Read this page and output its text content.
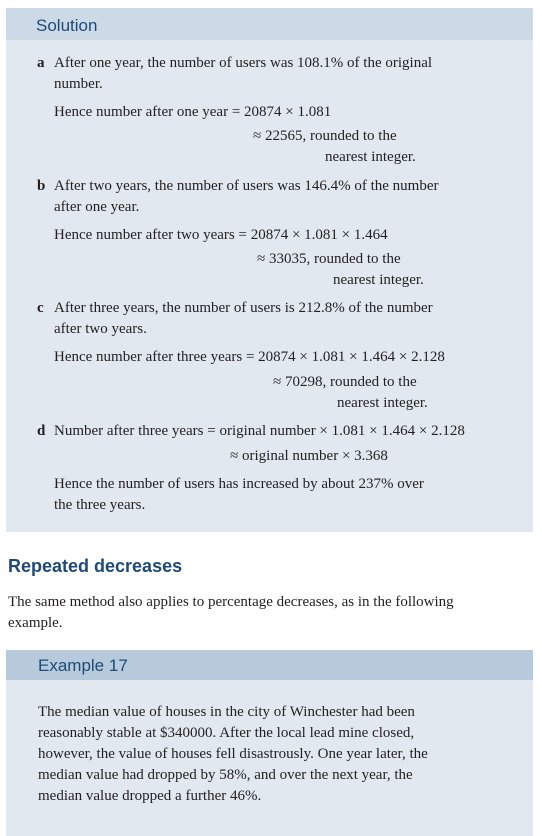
Solution
a After one year, the number of users was 108.1% of the original
number.
Hence number after one year = 20874 × 1.081
≈ 22565, rounded to the
nearest integer.
b After two years, the number of users was 146.4% of the number
after one year.
Hence number after two years = 20874 × 1.081 × 1.464
≈ 33035, rounded to the
nearest integer.
c After three years, the number of users is 212.8% of the number
after two years.
Hence number after three years = 20874 × 1.081 × 1.464 × 2.128
≈ 70298, rounded to the
nearest integer.
d Number after three years = original number × 1.081 × 1.464 × 2.128
≈ original number × 3.368
Hence the number of users has increased by about 237% over
the three years.
Repeated decreases
The same method also applies to percentage decreases, as in the following
example.
Example 17
The median value of houses in the city of Winchester had been
reasonably stable at $340000. After the local lead mine closed,
however, the value of houses fell disastrously. One year later, the
median value had dropped by 58%, and over the next year, the
median value dropped a further 46%.
